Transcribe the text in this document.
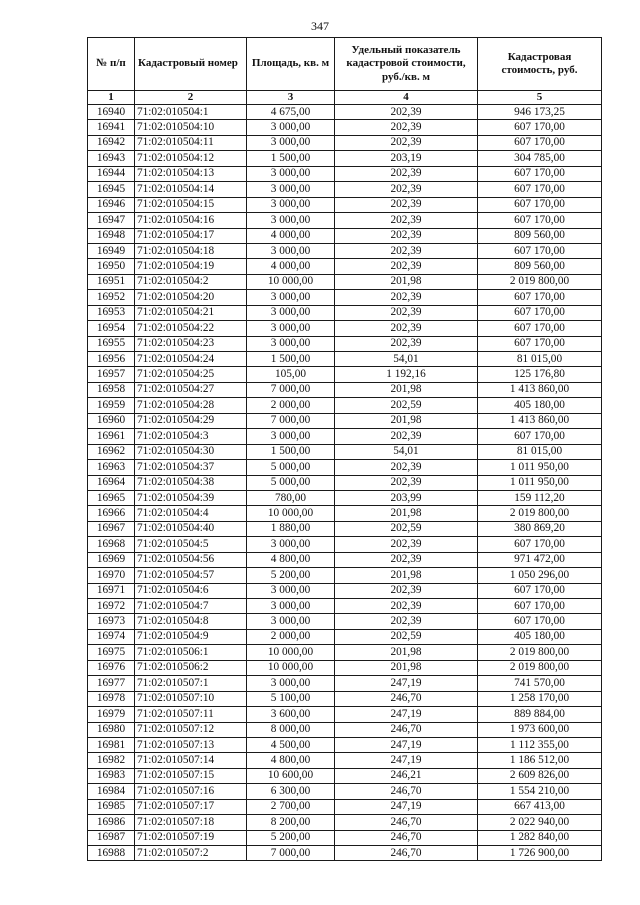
347
№ п/п	Кадастровый номер	Площадь, кв. м	Удельный показатель кадастровой стоимости, руб./кв. м	Кадастровая стоимость, руб.
1	2	3	4	5
16940	71:02:010504:1	4 675,00	202,39	946 173,25
16941	71:02:010504:10	3 000,00	202,39	607 170,00
16942	71:02:010504:11	3 000,00	202,39	607 170,00
16943	71:02:010504:12	1 500,00	203,19	304 785,00
16944	71:02:010504:13	3 000,00	202,39	607 170,00
16945	71:02:010504:14	3 000,00	202,39	607 170,00
16946	71:02:010504:15	3 000,00	202,39	607 170,00
16947	71:02:010504:16	3 000,00	202,39	607 170,00
16948	71:02:010504:17	4 000,00	202,39	809 560,00
16949	71:02:010504:18	3 000,00	202,39	607 170,00
16950	71:02:010504:19	4 000,00	202,39	809 560,00
16951	71:02:010504:2	10 000,00	201,98	2 019 800,00
16952	71:02:010504:20	3 000,00	202,39	607 170,00
16953	71:02:010504:21	3 000,00	202,39	607 170,00
16954	71:02:010504:22	3 000,00	202,39	607 170,00
16955	71:02:010504:23	3 000,00	202,39	607 170,00
16956	71:02:010504:24	1 500,00	54,01	81 015,00
16957	71:02:010504:25	105,00	1 192,16	125 176,80
16958	71:02:010504:27	7 000,00	201,98	1 413 860,00
16959	71:02:010504:28	2 000,00	202,59	405 180,00
16960	71:02:010504:29	7 000,00	201,98	1 413 860,00
16961	71:02:010504:3	3 000,00	202,39	607 170,00
16962	71:02:010504:30	1 500,00	54,01	81 015,00
16963	71:02:010504:37	5 000,00	202,39	1 011 950,00
16964	71:02:010504:38	5 000,00	202,39	1 011 950,00
16965	71:02:010504:39	780,00	203,99	159 112,20
16966	71:02:010504:4	10 000,00	201,98	2 019 800,00
16967	71:02:010504:40	1 880,00	202,59	380 869,20
16968	71:02:010504:5	3 000,00	202,39	607 170,00
16969	71:02:010504:56	4 800,00	202,39	971 472,00
16970	71:02:010504:57	5 200,00	201,98	1 050 296,00
16971	71:02:010504:6	3 000,00	202,39	607 170,00
16972	71:02:010504:7	3 000,00	202,39	607 170,00
16973	71:02:010504:8	3 000,00	202,39	607 170,00
16974	71:02:010504:9	2 000,00	202,59	405 180,00
16975	71:02:010506:1	10 000,00	201,98	2 019 800,00
16976	71:02:010506:2	10 000,00	201,98	2 019 800,00
16977	71:02:010507:1	3 000,00	247,19	741 570,00
16978	71:02:010507:10	5 100,00	246,70	1 258 170,00
16979	71:02:010507:11	3 600,00	247,19	889 884,00
16980	71:02:010507:12	8 000,00	246,70	1 973 600,00
16981	71:02:010507:13	4 500,00	247,19	1 112 355,00
16982	71:02:010507:14	4 800,00	247,19	1 186 512,00
16983	71:02:010507:15	10 600,00	246,21	2 609 826,00
16984	71:02:010507:16	6 300,00	246,70	1 554 210,00
16985	71:02:010507:17	2 700,00	247,19	667 413,00
16986	71:02:010507:18	8 200,00	246,70	2 022 940,00
16987	71:02:010507:19	5 200,00	246,70	1 282 840,00
16988	71:02:010507:2	7 000,00	246,70	1 726 900,00
